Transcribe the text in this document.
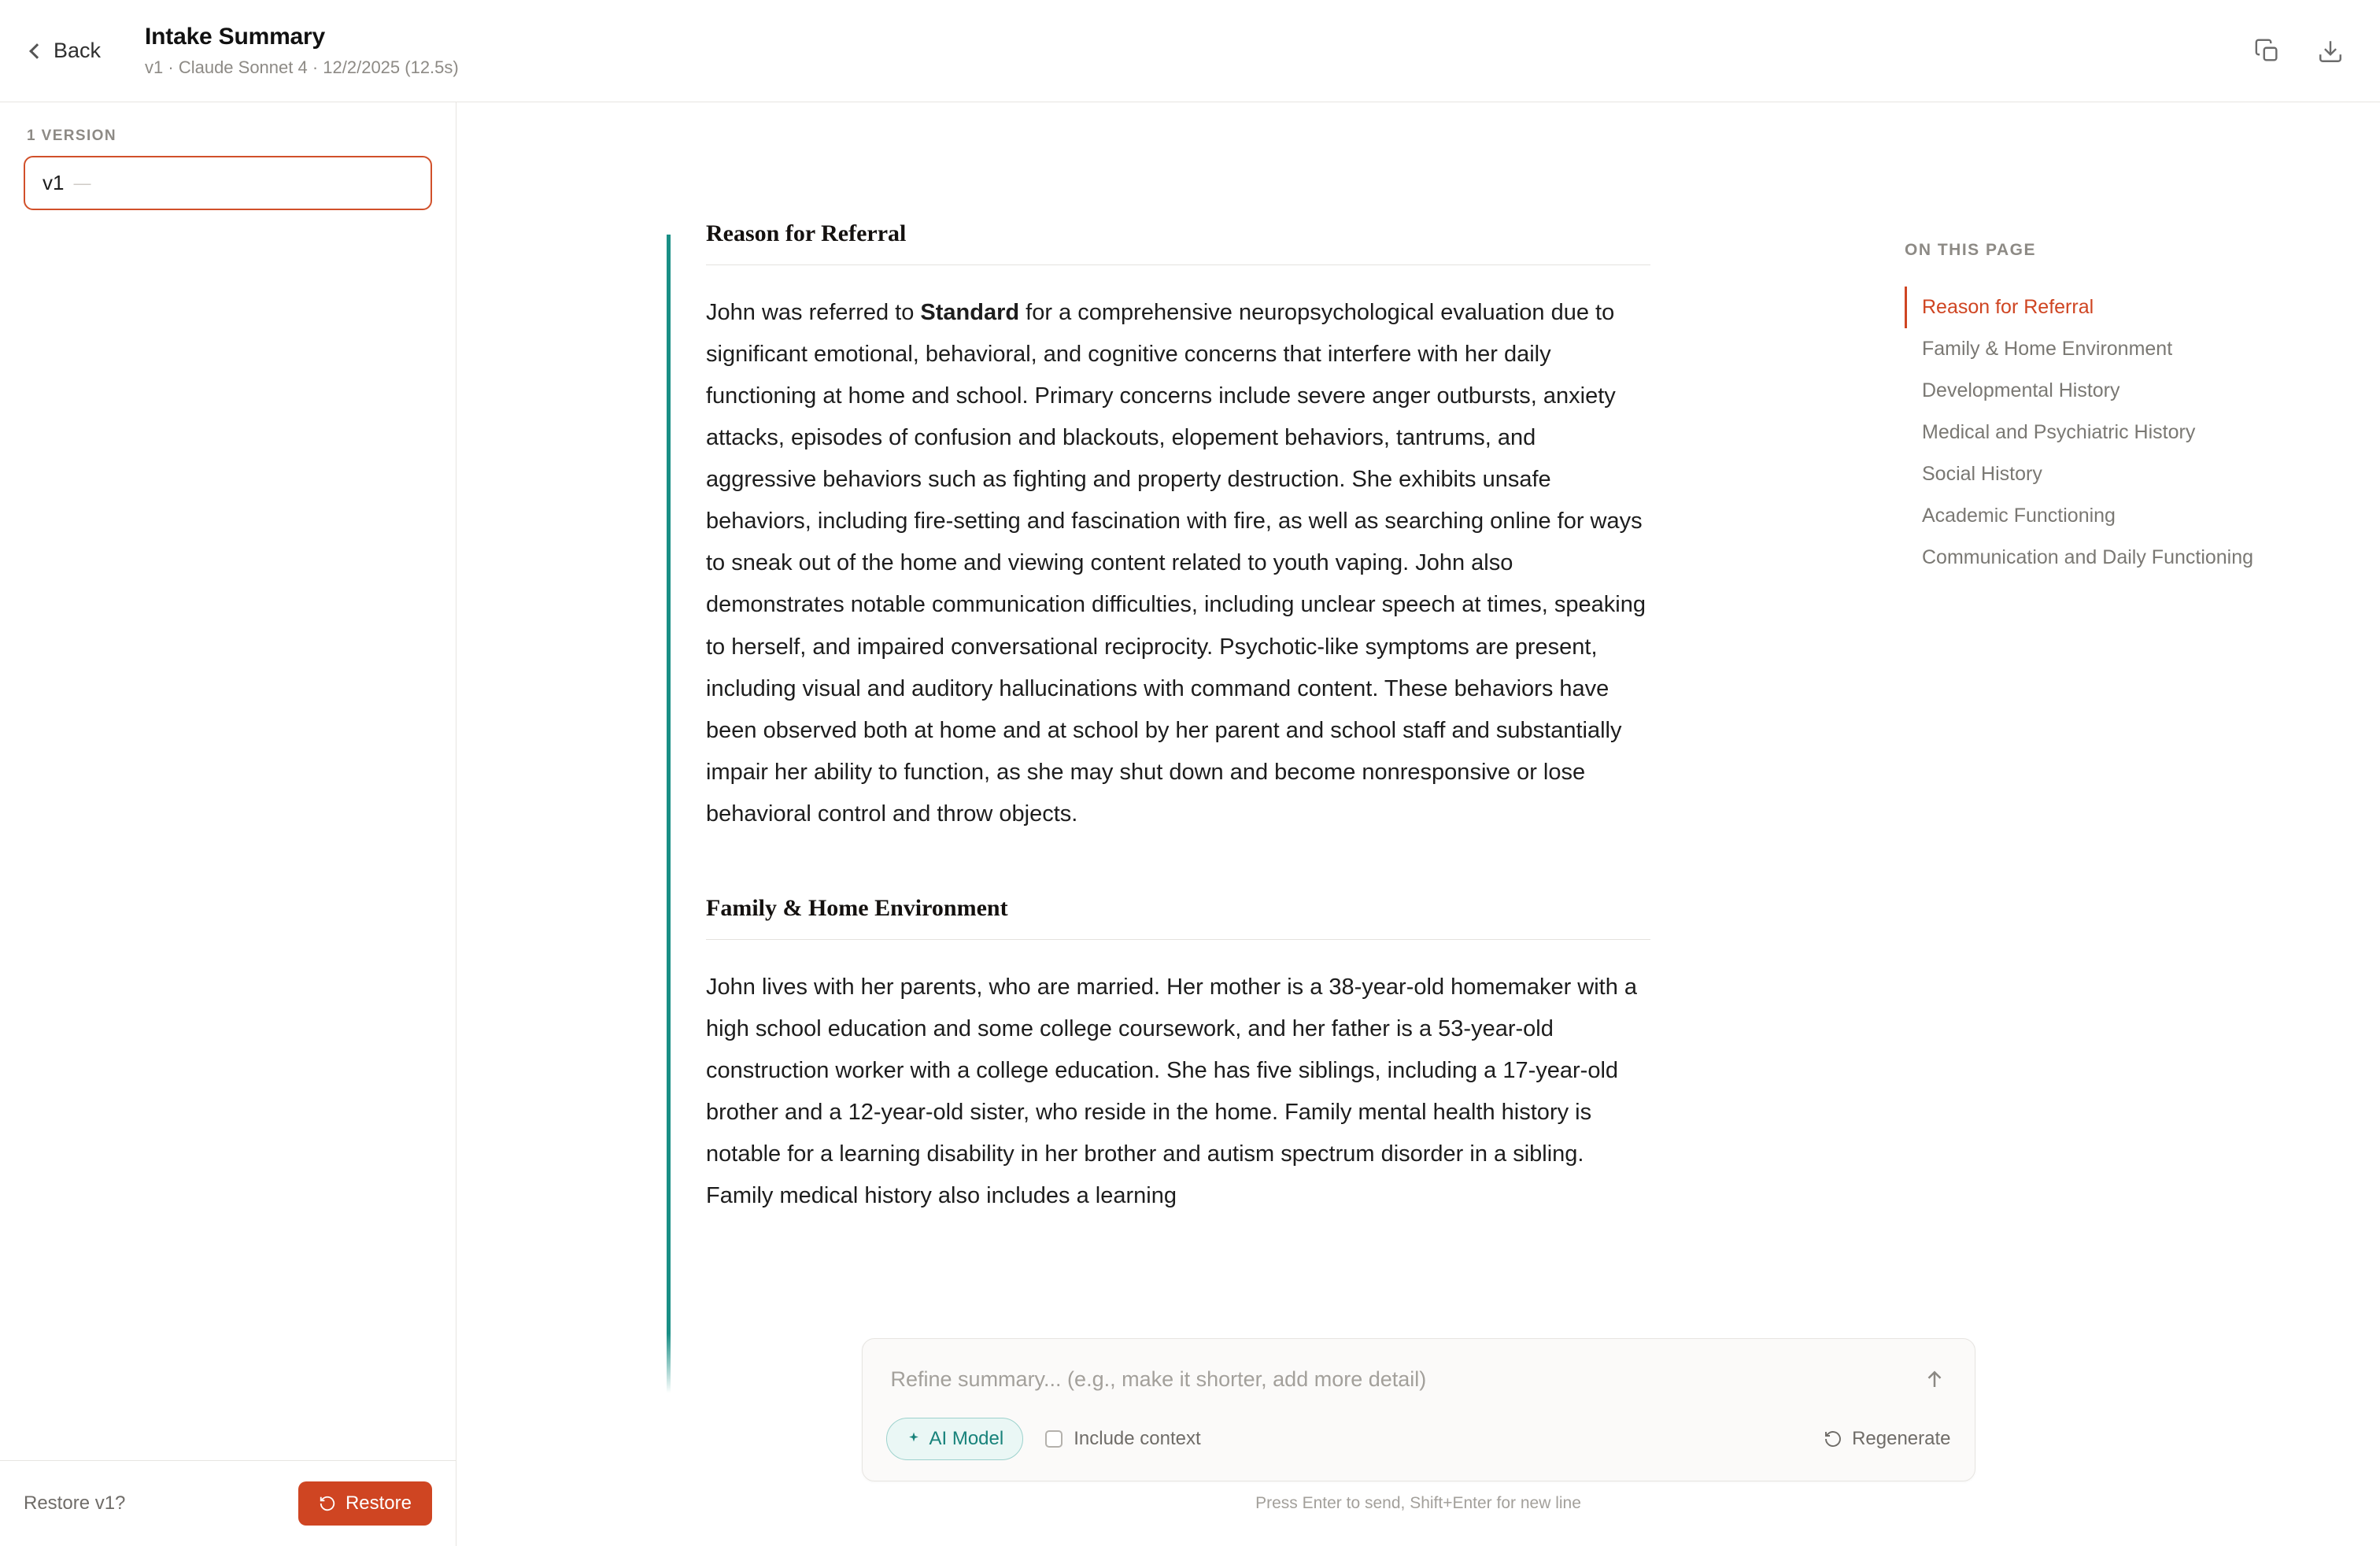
Back
Intake Summary
v1 · Claude Sonnet 4 · 12/2/2025 (12.5s)
1 VERSION
v1 —
Restore v1?	Restore
Reason for Referral

John was referred to Standard for a comprehensive neuropsychological evaluation due to significant emotional, behavioral, and cognitive concerns that interfere with her daily functioning at home and school. Primary concerns include severe anger outbursts, anxiety attacks, episodes of confusion and blackouts, elopement behaviors, tantrums, and aggressive behaviors such as fighting and property destruction. She exhibits unsafe behaviors, including fire-setting and fascination with fire, as well as searching online for ways to sneak out of the home and viewing content related to youth vaping. John also demonstrates notable communication difficulties, including unclear speech at times, speaking to herself, and impaired conversational reciprocity. Psychotic-like symptoms are present, including visual and auditory hallucinations with command content. These behaviors have been observed both at home and at school by her parent and school staff and substantially impair her ability to function, as she may shut down and become nonresponsive or lose behavioral control and throw objects.

Family & Home Environment

John lives with her parents, who are married. Her mother is a 38-year-old homemaker with a high school education and some college coursework, and her father is a 53-year-old construction worker with a college education. She has five siblings, including a 17-year-old brother and a 12-year-old sister, who reside in the home. Family mental health history is notable for a learning disability in her brother and autism spectrum disorder in a sibling. Family medical history also includes a learning

ON THIS PAGE
Reason for Referral
Family & Home Environment
Developmental History
Medical and Psychiatric History
Social History
Academic Functioning
Communication and Daily Functioning
Refine summary... (e.g., make it shorter, add more detail)
AI Model	Include context	Regenerate
Press Enter to send, Shift+Enter for new line
